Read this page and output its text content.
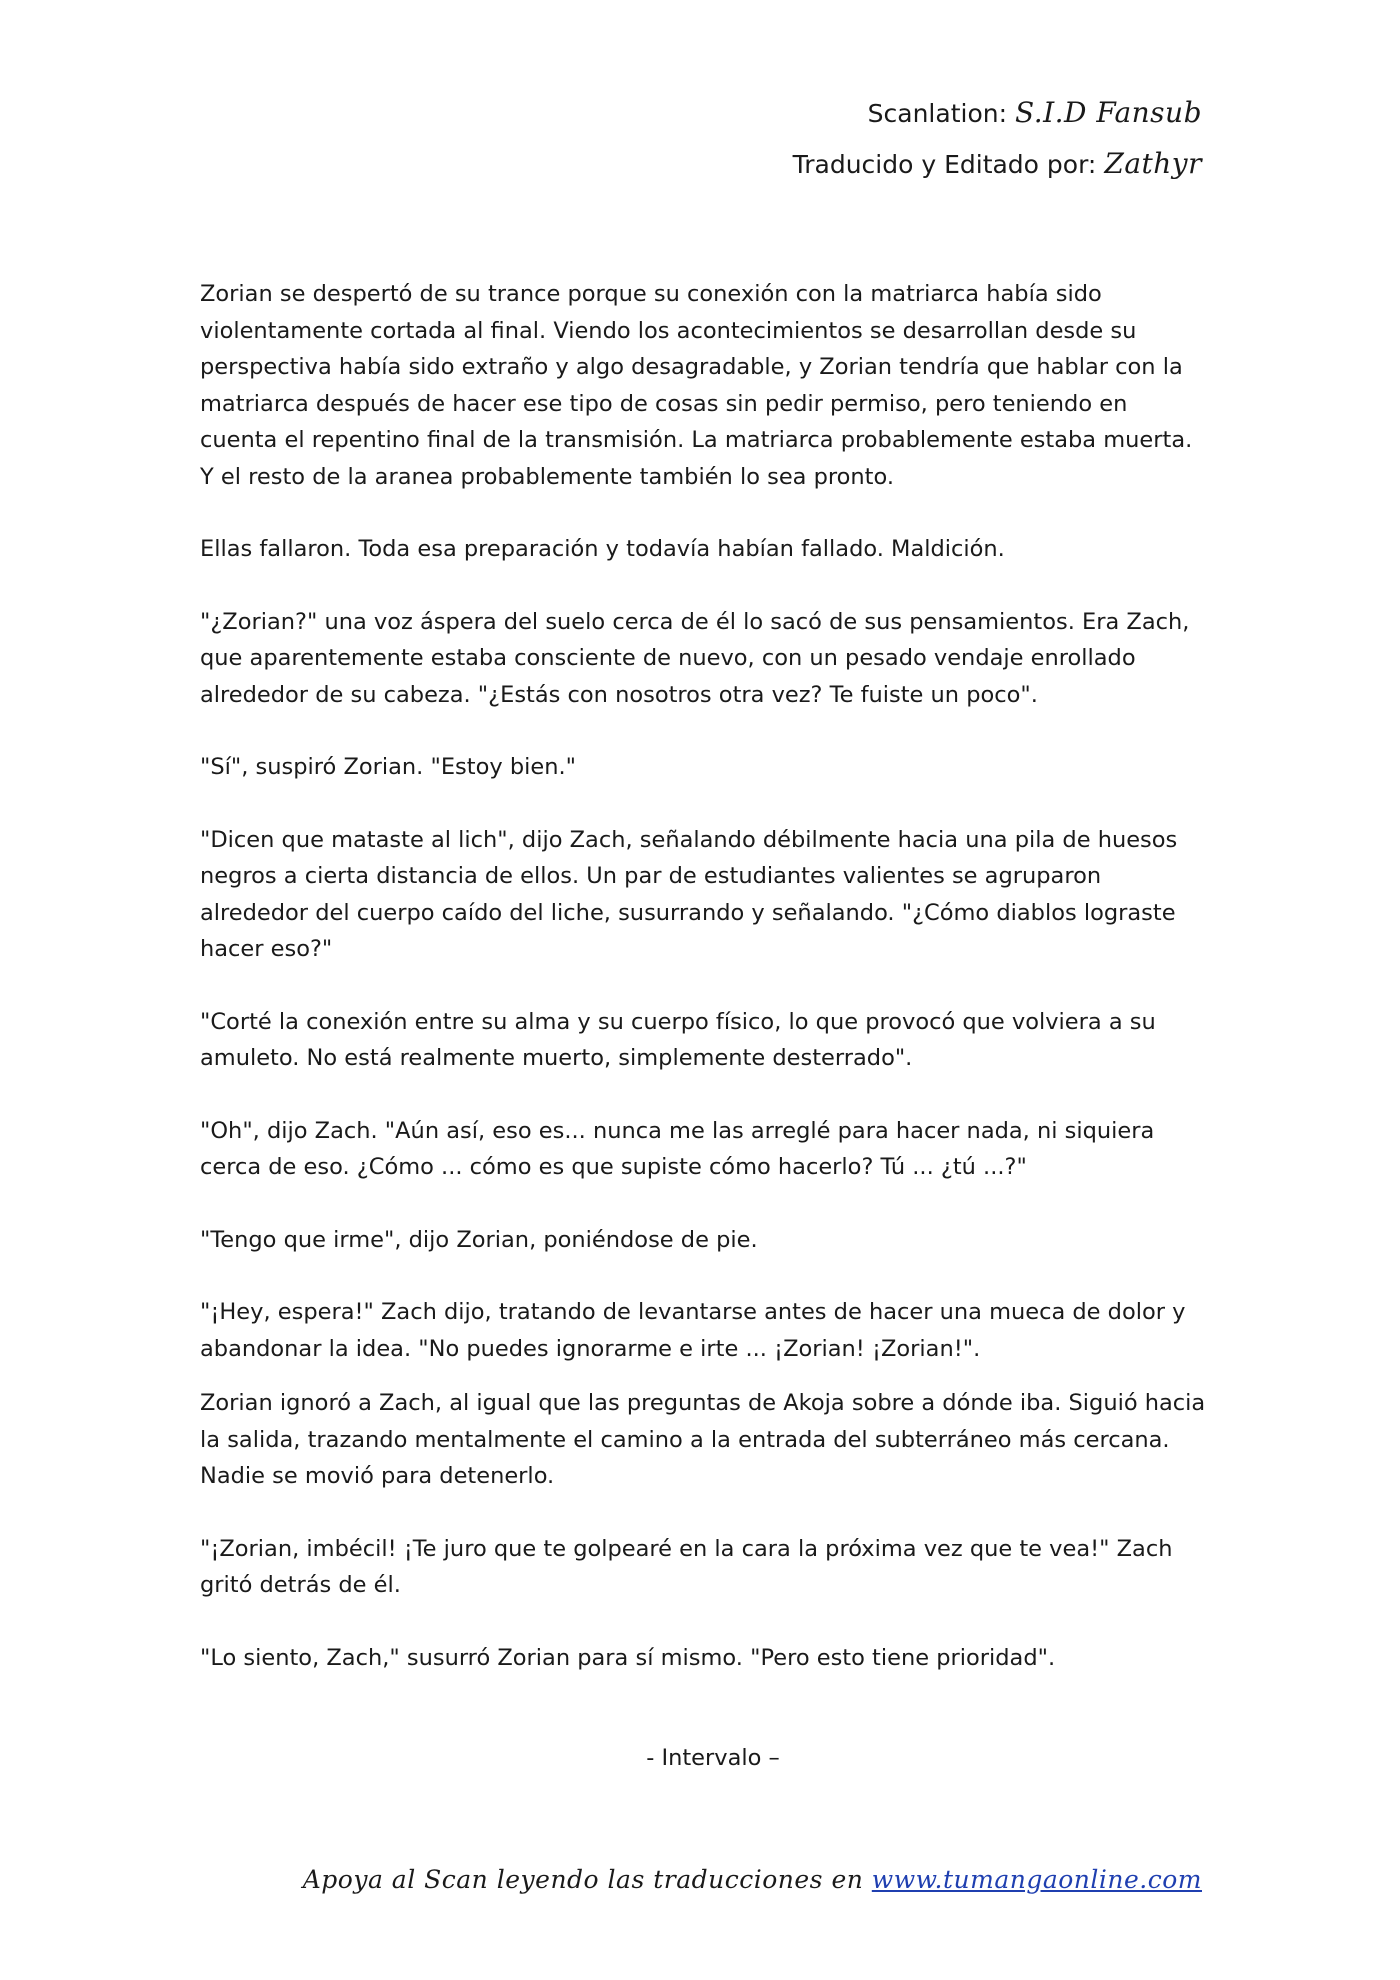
Scanlation: S.I.D Fansub
Traducido y Editado por: Zathyr

Zorian se despertó de su trance porque su conexión con la matriarca había sido violentamente cortada al final. Viendo los acontecimientos se desarrollan desde su perspectiva había sido extraño y algo desagradable, y Zorian tendría que hablar con la matriarca después de hacer ese tipo de cosas sin pedir permiso, pero teniendo en cuenta el repentino final de la transmisión. La matriarca probablemente estaba muerta. Y el resto de la aranea probablemente también lo sea pronto.

Ellas fallaron. Toda esa preparación y todavía habían fallado. Maldición.

"¿Zorian?" una voz áspera del suelo cerca de él lo sacó de sus pensamientos. Era Zach, que aparentemente estaba consciente de nuevo, con un pesado vendaje enrollado alrededor de su cabeza. "¿Estás con nosotros otra vez? Te fuiste un poco".

"Sí", suspiró Zorian. "Estoy bien."

"Dicen que mataste al lich", dijo Zach, señalando débilmente hacia una pila de huesos negros a cierta distancia de ellos. Un par de estudiantes valientes se agruparon alrededor del cuerpo caído del liche, susurrando y señalando. "¿Cómo diablos lograste hacer eso?"

"Corté la conexión entre su alma y su cuerpo físico, lo que provocó que volviera a su amuleto. No está realmente muerto, simplemente desterrado".

"Oh", dijo Zach. "Aún así, eso es... nunca me las arreglé para hacer nada, ni siquiera cerca de eso. ¿Cómo ... cómo es que supiste cómo hacerlo? Tú ... ¿tú ...?"

"Tengo que irme", dijo Zorian, poniéndose de pie.

"¡Hey, espera!" Zach dijo, tratando de levantarse antes de hacer una mueca de dolor y abandonar la idea. "No puedes ignorarme e irte ... ¡Zorian! ¡Zorian!".

Zorian ignoró a Zach, al igual que las preguntas de Akoja sobre a dónde iba. Siguió hacia la salida, trazando mentalmente el camino a la entrada del subterráneo más cercana. Nadie se movió para detenerlo.

"¡Zorian, imbécil! ¡Te juro que te golpearé en la cara la próxima vez que te vea!" Zach gritó detrás de él.

"Lo siento, Zach," susurró Zorian para sí mismo. "Pero esto tiene prioridad".

- Intervalo –
Apoya al Scan leyendo las traducciones en www.tumangaonline.com
